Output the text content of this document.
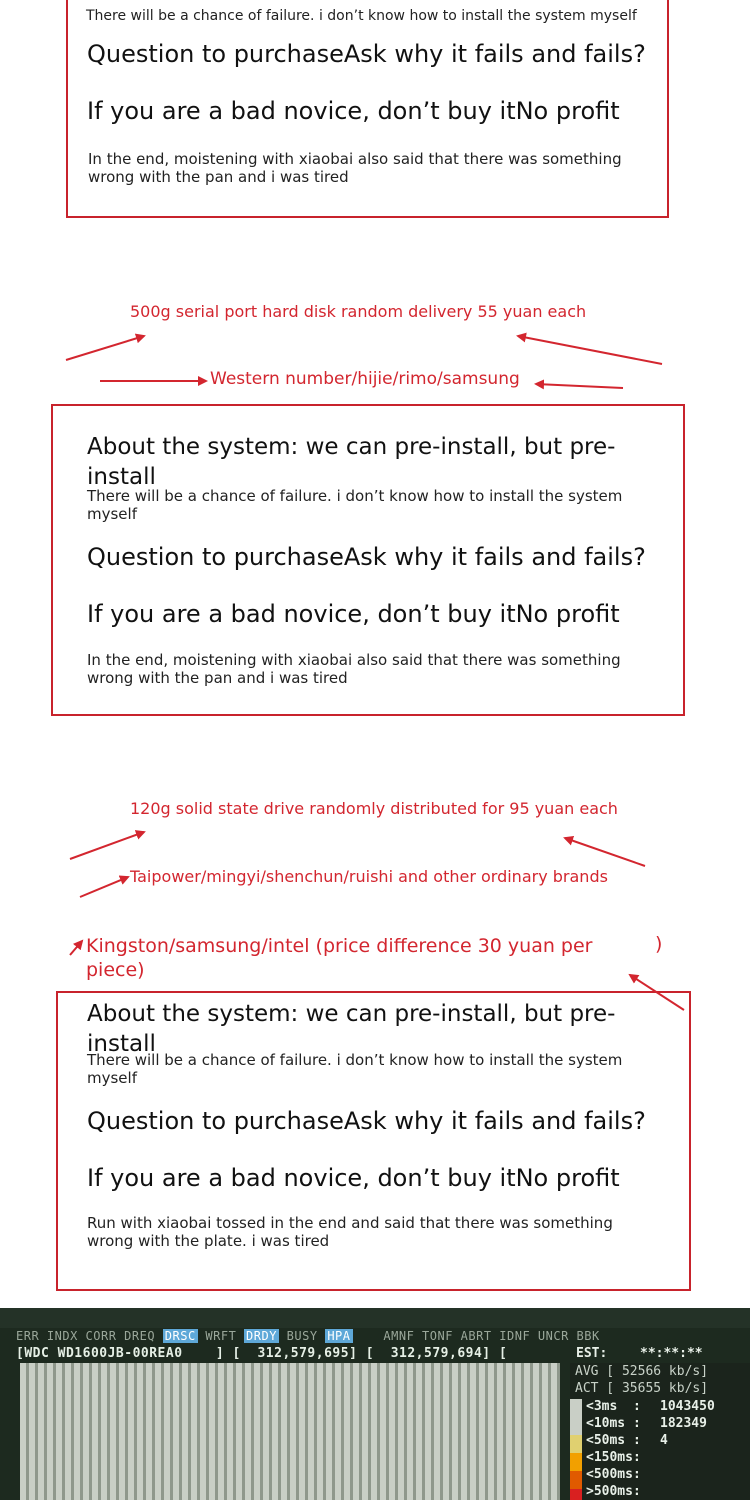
There will be a chance of failure. i don’t know how to install the system myself
Question to purchaseAsk why it fails and fails?
If you are a bad novice, don’t buy itNo profit
In the end, moistening with xiaobai also said that there was something wrong with the pan and i was tired
500g serial port hard disk random delivery 55 yuan each
Western number/hijie/rimo/samsung
About the system: we can pre-install, but pre-install
There will be a chance of failure. i don’t know how to install the system myself
Question to purchaseAsk why it fails and fails?
If you are a bad novice, don’t buy itNo profit
In the end, moistening with xiaobai also said that there was something wrong with the pan and i was tired
120g solid state drive randomly distributed for 95 yuan each
Taipower/mingyi/shenchun/ruishi and other ordinary brands
Kingston/samsung/intel (price difference 30 yuan per piece)
)
About the system: we can pre-install, but pre-install
There will be a chance of failure. i don’t know how to install the system myself
Question to purchaseAsk why it fails and fails?
If you are a bad novice, don’t buy itNo profit
Run with xiaobai tossed in the end and said that there was something wrong with the plate. i was tired
ERR INDX CORR DREQ DRSC WRFT DRDY BUSY HPA    AMNF TONF ABRT IDNF UNCR BBK
[WDC WD1600JB-00REA0    ] [  312,579,695] [  312,579,694] [	EST:	**:**:**
AVG [ 52566 kb/s]
ACT [ 35655 kb/s]
<3ms  : 1043450
<10ms : 182349
<50ms : 4
<150ms:
<500ms:
>500ms:
